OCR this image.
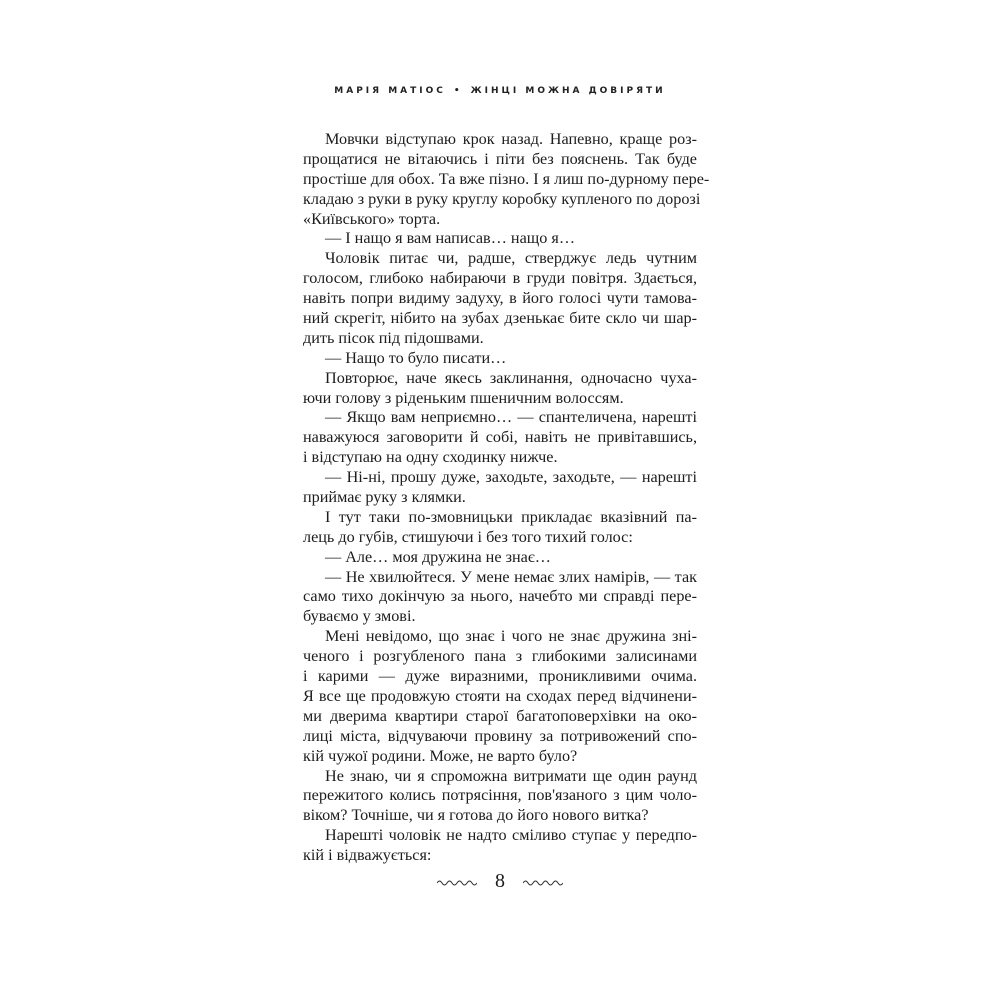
МАРІЯ МАТІОС • ЖІНЦІ МОЖНА ДОВІРЯТИ
Мовчки відступаю крок назад. Напевно, краще роз-
прощатися не вітаючись і піти без пояснень. Так буде
простіше для обох. Та вже пізно. І я лиш по-дурному пере-
кладаю з руки в руку круглу коробку купленого по дорозі
«Київського» торта.
— І нащо я вам написав… нащо я…
Чоловік питає чи, радше, стверджує ледь чутним
голосом, глибоко набираючи в груди повітря. Здається,
навіть попри видиму задуху, в його голосі чути тамова-
ний скрегіт, нібито на зубах дзенькає бите скло чи шар-
дить пісок під підошвами.
— Нащо то було писати…
Повторює, наче якесь заклинання, одночасно чуха-
ючи голову з ріденьким пшеничним волоссям.
— Якщо вам неприємно… — спантеличена, нарешті
наважуюся заговорити й собі, навіть не привітавшись,
і відступаю на одну сходинку нижче.
— Ні-ні, прошу дуже, заходьте, заходьте, — нарешті
приймає руку з клямки.
І тут таки по-змовницьки прикладає вказівний па-
лець до губів, стишуючи і без того тихий голос:
— Але… моя дружина не знає…
— Не хвилюйтеся. У мене немає злих намірів, — так
само тихо докінчую за нього, начебто ми справді пере-
буваємо у змові.
Мені невідомо, що знає і чого не знає дружина зні-
ченого і розгубленого пана з глибокими залисинами
і карими — дуже виразними, проникливими очима.
Я все ще продовжую стояти на сходах перед відчинени-
ми дверима квартири старої багатоповерхівки на око-
лиці міста, відчуваючи провину за потривожений спо-
кій чужої родини. Може, не варто було?
Не знаю, чи я спроможна витримати ще один раунд
пережитого колись потрясіння, пов'язаного з цим чоло-
віком? Точніше, чи я готова до його нового витка?
Нарешті чоловік не надто сміливо ступає у передпо-
кій і відважується:
8
